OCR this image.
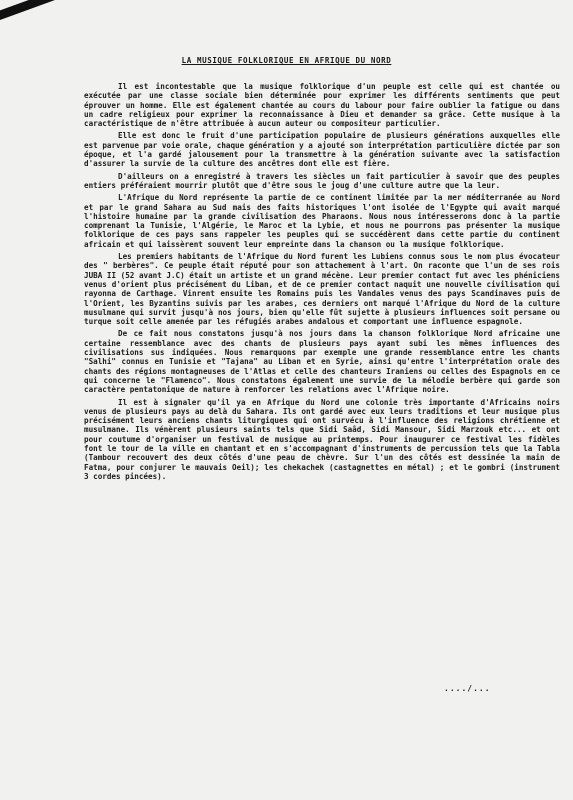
LA MUSIQUE FOLKLORIQUE EN AFRIQUE DU NORD

Il est incontestable que la musique folklorique d'un peuple est celle qui est chantée ou exécutée par une classe sociale bien déterminée pour exprimer les différents sentiments que peut éprouver un homme. Elle est également chantée au cours du labour pour faire oublier la fatigue ou dans un cadre religieux pour exprimer la reconnaissance à Dieu et demander sa grâce. Cette musique à la caractéristique de n'être attribuée à aucun auteur ou compositeur particulier.

Elle est donc le fruit d'une participation populaire de plusieurs générations auxquelles elle est parvenue par voie orale, chaque génération y a ajouté son interprétation particulière dictée par son époque, et l'a gardé jalousement pour la transmettre à la génération suivante avec la satisfaction d'assurer la survie de la culture des ancêtres dont elle est fière.

D'ailleurs on a enregistré à travers les siècles un fait particulier à savoir que des peuples entiers préféraient mourrir plutôt que d'être sous le joug d'une culture autre que la leur.

L'Afrique du Nord représente la partie de ce continent limitée par la mer méditerranée au Nord et par le grand Sahara au Sud mais des faits historiques l'ont isolée de l'Egypte qui avait marqué l'histoire humaine par la grande civilisation des Pharaons. Nous nous intéresserons donc à la partie comprenant la Tunisie, l'Algérie, le Maroc et la Lybie, et nous ne pourrons pas présenter la musique folklorique de ces pays sans rappeler les peuples qui se succédèrent dans cette partie du continent africain et qui laissèrent souvent leur empreinte dans la chanson ou la musique folklorique.

Les premiers habitants de l'Afrique du Nord furent les Lubiens connus sous le nom plus évocateur des " berbères". Ce peuple était réputé pour son attachement à l'art. On raconte que l'un de ses rois JUBA II (52 avant J.C) était un artiste et un grand mécène. Leur premier contact fut avec les phéniciens venus d'orient plus précisément du Liban, et de ce premier contact naquit une nouvelle civilisation qui rayonna de Carthage. Vinrent ensuite les Romains puis les Vandales venus des pays Scandinaves puis de l'Orient, les Byzantins suivis par les arabes, ces derniers ont marqué l'Afrique du Nord de la culture musulmane qui survit jusqu'à nos jours, bien qu'elle fût sujette à plusieurs influences soit persane ou turque soit celle amenée par les réfugiés arabes andalous et comportant une influence espagnole.

De ce fait nous constatons jusqu'à nos jours dans la chanson folklorique Nord africaine une certaine ressemblance avec des chants de plusieurs pays ayant subi les mêmes influences des civilisations sus indiquées. Nous remarquons par exemple une grande ressemblance entre les chants "Salhi" connus en Tunisie et "Tajana" au Liban et en Syrie, ainsi qu'entre l'interprétation orale des chants des régions montagneuses de l'Atlas et celle des chanteurs Iraniens ou celles des Espagnols en ce qui concerne le "Flamenco". Nous constatons également une survie de la mélodie berbère qui garde son caractère pentatonique de nature à renforcer les relations avec l'Afrique noire.

Il est à signaler qu'il ya en Afrique du Nord une colonie très importante d'Africains noirs venus de plusieurs pays au delà du Sahara. Ils ont gardé avec eux leurs traditions et leur musique plus précisément leurs anciens chants liturgiques qui ont survécu à l'influence des religions chrétienne et musulmane. Ils vénèrent plusieurs saints tels que Sidi Saâd, Sidi Mansour, Sidi Marzouk etc... et ont pour coutume d'organiser un festival de musique au printemps. Pour inaugurer ce festival les fidèles font le tour de la ville en chantant et en s'accompagnant d'instruments de percussion tels que la Tabla (Tambour recouvert des deux côtés d'une peau de chèvre. Sur l'un des côtés est dessinée la main de Fatma, pour conjurer le mauvais Oeil); les chekachek (castagnettes en métal) ; et le gombri (instrument 3 cordes pincées).

..../...
